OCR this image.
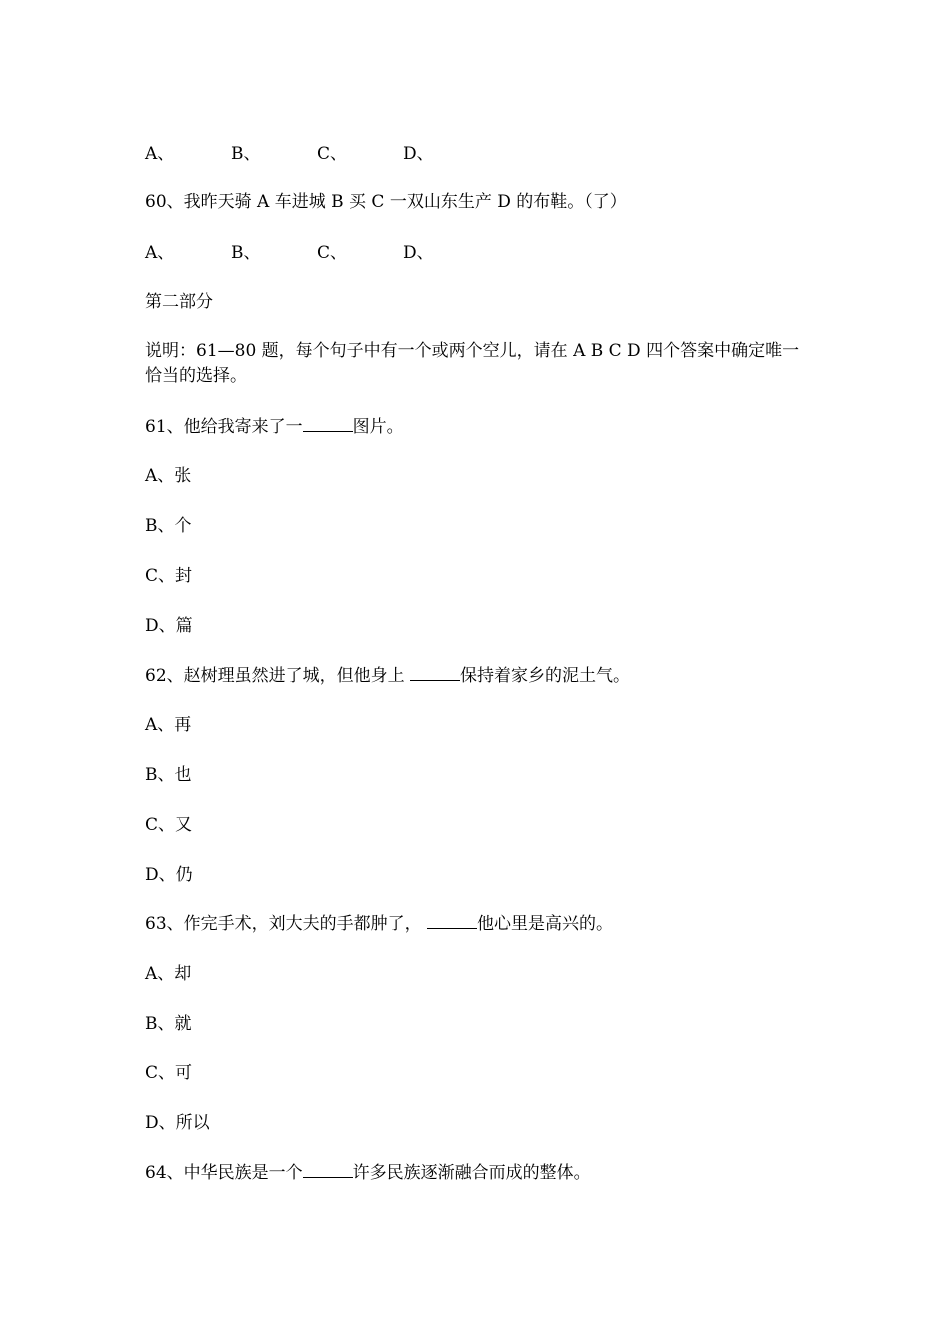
A、	B、	C、	D、
60、我昨天骑 A 车进城 B 买 C 一双山东生产 D 的布鞋。（了）
A、	B、	C、	D、
第二部分
说明：61—80 题，每个句子中有一个或两个空儿，请在 A B C D 四个答案中确定唯一恰当的选择。
61、他给我寄来了一	图片。
A、张
B、个
C、封
D、篇
62、赵树理虽然进了城，但他身上	保持着家乡的泥土气。
A、再
B、也
C、又
D、仍
63、作完手术，刘大夫的手都肿了，	他心里是高兴的。
A、却
B、就
C、可
D、所以
64、中华民族是一个	许多民族逐渐融合而成的整体。
